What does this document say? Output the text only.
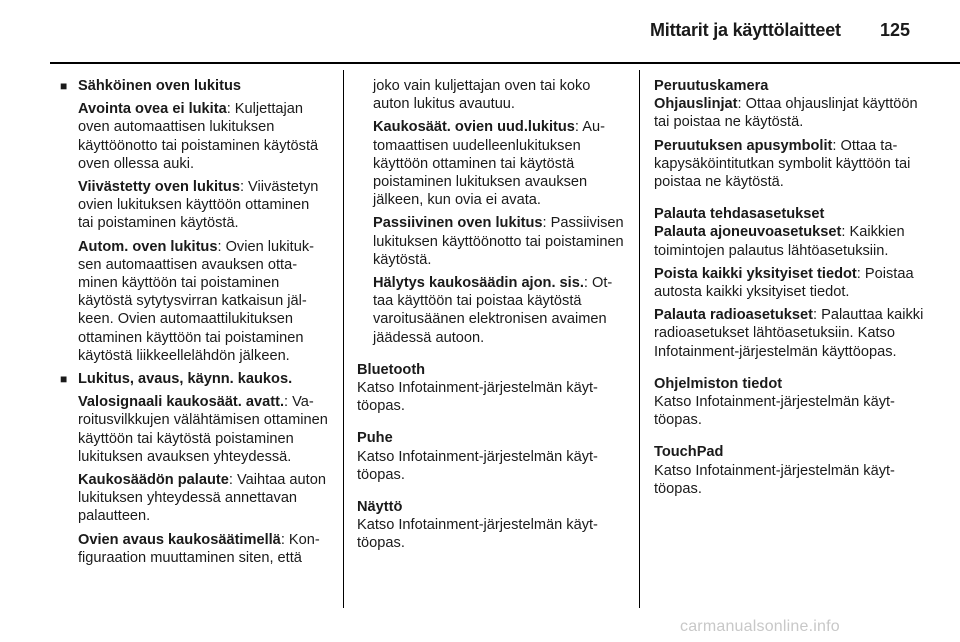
Mittarit ja käyttölaitteet 125
■ Sähköinen oven lukitus

Avointa ovea ei lukita: Kuljettajan oven automaattisen lukituksen käyttöönotto tai poistaminen käytöstä oven ollessa auki.

Viivästetty oven lukitus: Viivästetyn ovien lukituksen käyttöön ottaminen tai poistaminen käytöstä.

Autom. oven lukitus: Ovien lukituksen automaattisen avauksen ottaminen käyttöön tai poistaminen käytöstä sytytysvirran katkaisun jälkeen. Ovien automaattilukituksen ottaminen käyttöön tai poistaminen käytöstä liikkeellelähdön jälkeen.

■ Lukitus, avaus, käynn. kaukos.

Valosignaali kaukosäät. avatt.: Varoitusvilkkujen välähtämisen ottaminen käyttöön tai käytöstä poistaminen lukituksen avauksen yhteydessä.

Kaukosäädön palaute: Vaihtaa auton lukituksen yhteydessä annettavan palautteen.

Ovien avaus kaukosäätimellä: Konfiguraation muuttaminen siten, että

joko vain kuljettajan oven tai koko auton lukitus avautuu.

Kaukosäät. ovien uud.lukitus: Automaattisen uudelleenlukituksen käyttöön ottaminen tai käytöstä poistaminen lukituksen avauksen jälkeen, kun ovia ei avata.

Passiivinen oven lukitus: Passiivisen lukituksen käyttöönotto tai poistaminen käytöstä.

Hälytys kaukosäädin ajon. sis.: Ottaa käyttöön tai poistaa käytöstä varoitusäänen elektronisen avaimen jäädessä autoon.

Bluetooth

Katso Infotainment-järjestelmän käyttöopas.

Puhe

Katso Infotainment-järjestelmän käyttöopas.

Näyttö

Katso Infotainment-järjestelmän käyttöopas.

Peruutuskamera

Ohjauslinjat: Ottaa ohjauslinjat käyttöön tai poistaa ne käytöstä.

Peruutuksen apusymbolit: Ottaa takapysäköintitutkan symbolit käyttöön tai poistaa ne käytöstä.

Palauta tehdasasetukset

Palauta ajoneuvoasetukset: Kaikkien toimintojen palautus lähtöasetuksiin.

Poista kaikki yksityiset tiedot: Poistaa autosta kaikki yksityiset tiedot.

Palauta radioasetukset: Palauttaa kaikki radioasetukset lähtöasetuksiin. Katso Infotainment-järjestelmän käyttöopas.

Ohjelmiston tiedot

Katso Infotainment-järjestelmän käyttöopas.

TouchPad

Katso Infotainment-järjestelmän käyttöopas.

carmanualsonline.info
